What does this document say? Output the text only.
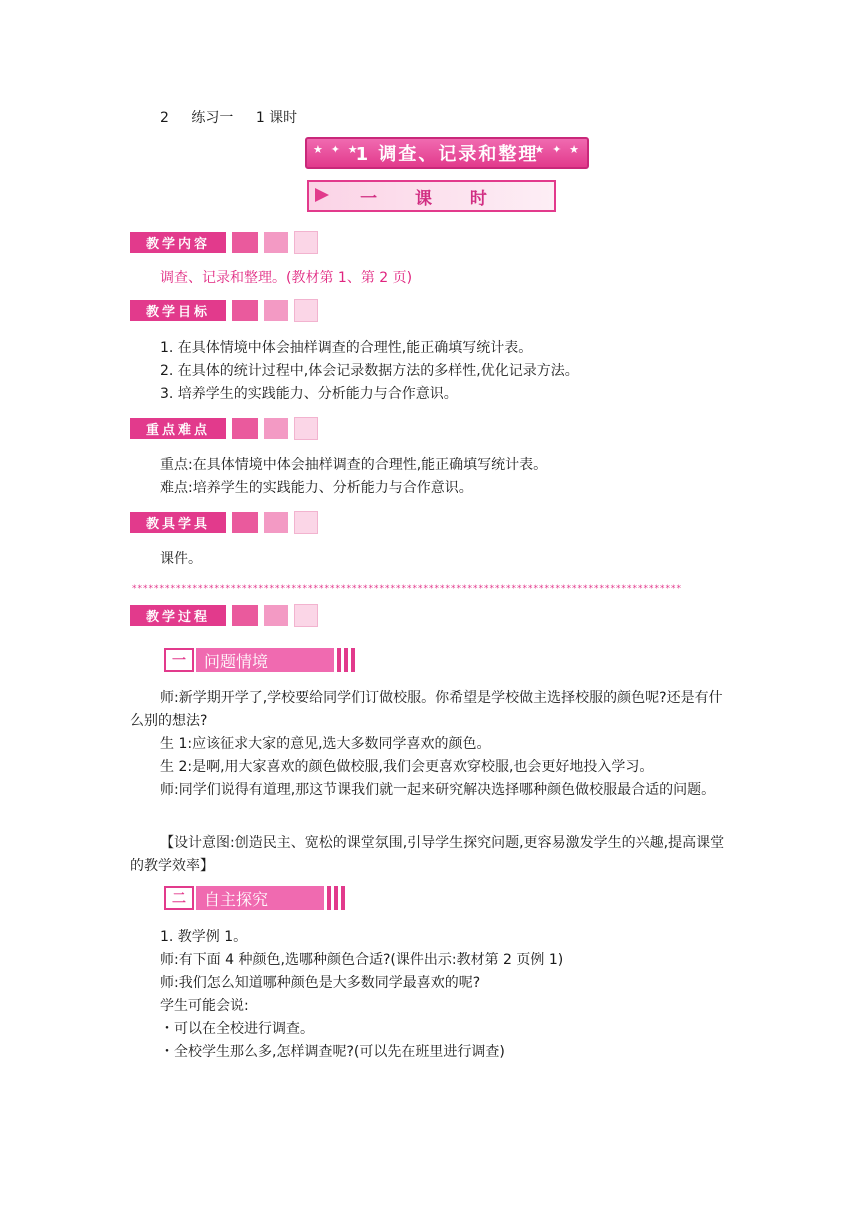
2 练习一 1 课时
★ ✦ ★
1 调查、记录和整理
★ ✦ ★
一 课 时
教学内容
调查、记录和整理。(教材第 1、第 2 页)
教学目标
1. 在具体情境中体会抽样调查的合理性,能正确填写统计表。
2. 在具体的统计过程中,体会记录数据方法的多样性,优化记录方法。
3. 培养学生的实践能力、分析能力与合作意识。
重点难点
重点:在具体情境中体会抽样调查的合理性,能正确填写统计表。
难点:培养学生的实践能力、分析能力与合作意识。
教具学具
课件。
****************************************************************************************************
教学过程
一	问题情境
师:新学期开学了,学校要给同学们订做校服。你希望是学校做主选择校服的颜色呢?还是有什么别的想法?
生 1:应该征求大家的意见,选大多数同学喜欢的颜色。
生 2:是啊,用大家喜欢的颜色做校服,我们会更喜欢穿校服,也会更好地投入学习。
师:同学们说得有道理,那这节课我们就一起来研究解决选择哪种颜色做校服最合适的问题。
【设计意图:创造民主、宽松的课堂氛围,引导学生探究问题,更容易激发学生的兴趣,提高课堂的教学效率】
二	自主探究
1. 教学例 1。
师:有下面 4 种颜色,选哪种颜色合适?(课件出示:教材第 2 页例 1)
师:我们怎么知道哪种颜色是大多数同学最喜欢的呢?
学生可能会说:
・可以在全校进行调查。
・全校学生那么多,怎样调查呢?(可以先在班里进行调查)
